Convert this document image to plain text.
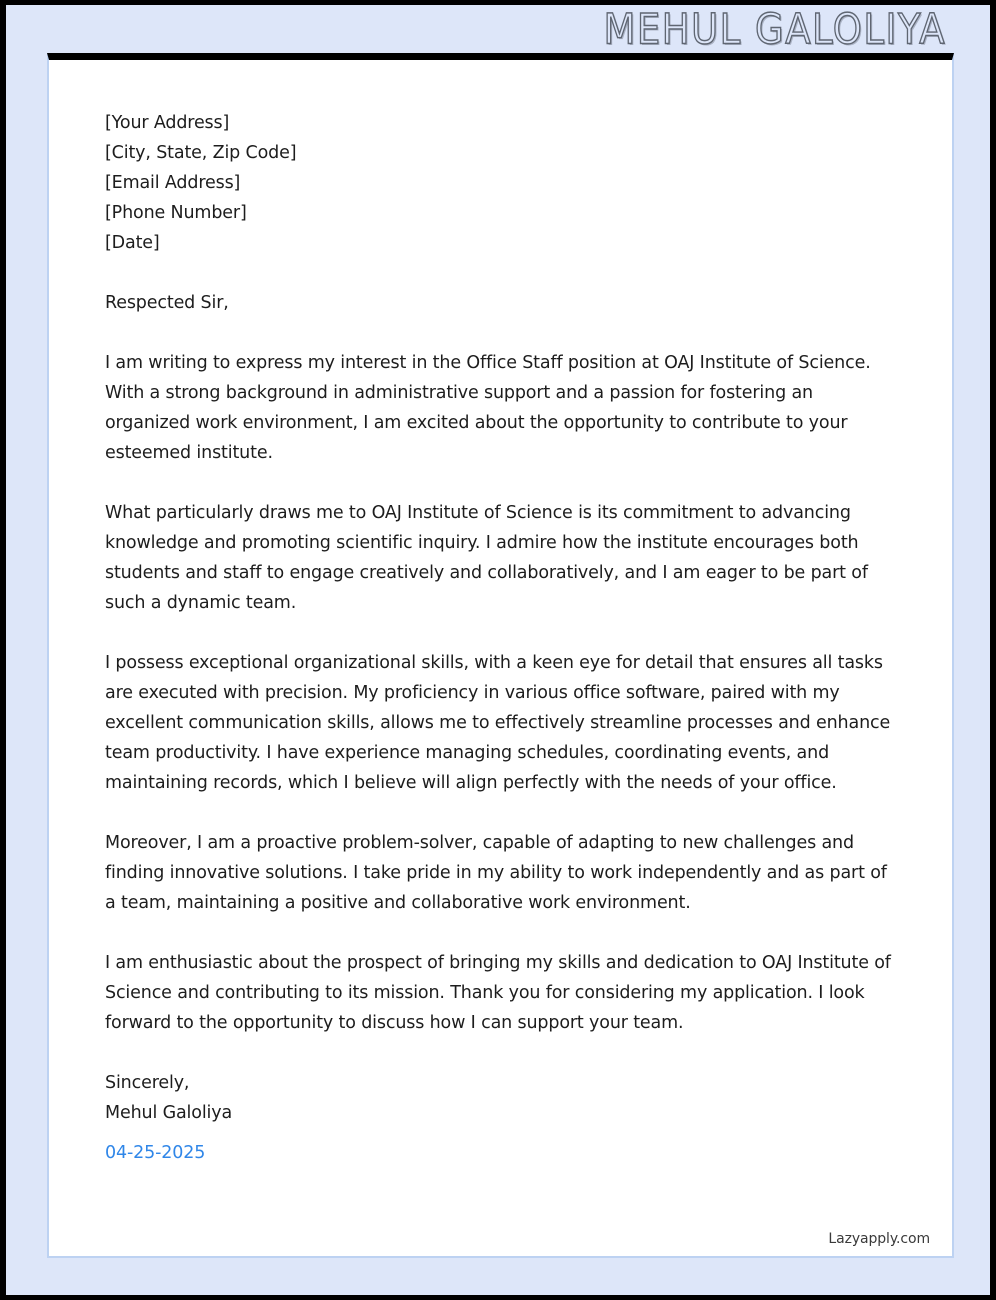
MEHUL GALOLIYA
[Your Address]
[City, State, Zip Code]
[Email Address]
[Phone Number]
[Date]
Respected Sir,
I am writing to express my interest in the Office Staff position at OAJ Institute of Science. With a strong background in administrative support and a passion for fostering an organized work environment, I am excited about the opportunity to contribute to your esteemed institute.
What particularly draws me to OAJ Institute of Science is its commitment to advancing knowledge and promoting scientific inquiry. I admire how the institute encourages both students and staff to engage creatively and collaboratively, and I am eager to be part of such a dynamic team.
I possess exceptional organizational skills, with a keen eye for detail that ensures all tasks are executed with precision. My proficiency in various office software, paired with my excellent communication skills, allows me to effectively streamline processes and enhance team productivity. I have experience managing schedules, coordinating events, and maintaining records, which I believe will align perfectly with the needs of your office.
Moreover, I am a proactive problem-solver, capable of adapting to new challenges and finding innovative solutions. I take pride in my ability to work independently and as part of a team, maintaining a positive and collaborative work environment.
I am enthusiastic about the prospect of bringing my skills and dedication to OAJ Institute of Science and contributing to its mission. Thank you for considering my application. I look forward to the opportunity to discuss how I can support your team.
Sincerely,
Mehul Galoliya
04-25-2025
Lazyapply.com
